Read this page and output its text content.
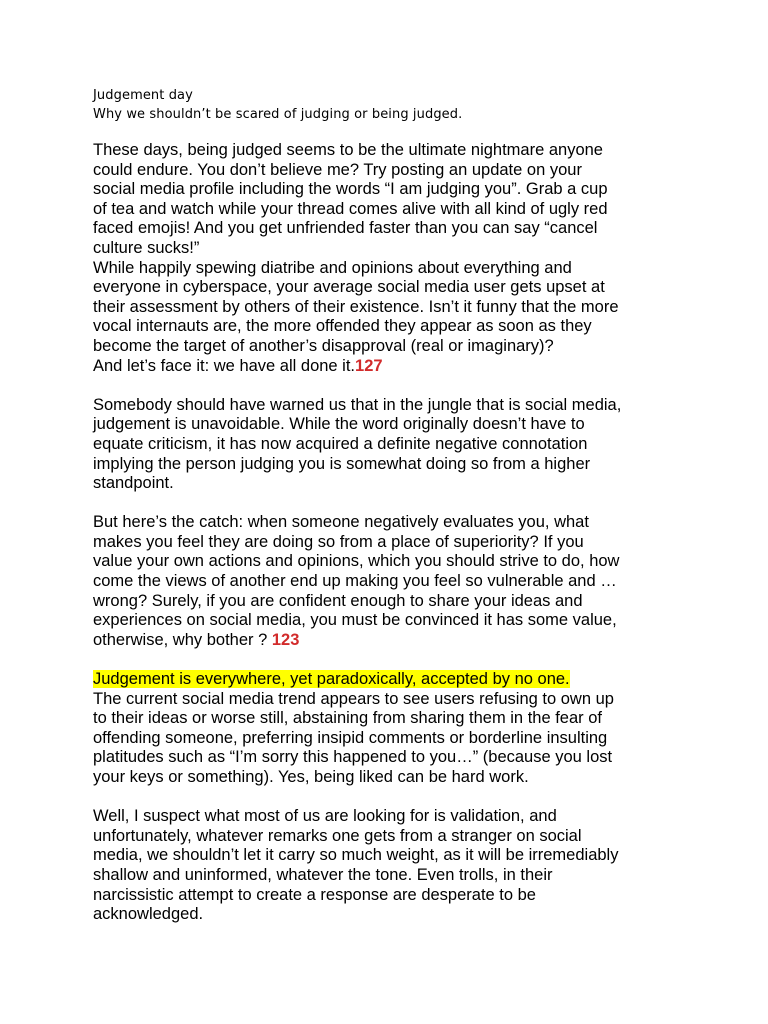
Judgement day
Why we shouldn’t be scared of judging or being judged.
These days, being judged seems to be the ultimate nightmare anyone
could endure. You don’t believe me? Try posting an update on your
social media profile including the words “I am judging you”. Grab a cup
of tea and watch while your thread comes alive with all kind of ugly red
faced emojis! And you get unfriended faster than you can say “cancel
culture sucks!”
While happily spewing diatribe and opinions about everything and
everyone in cyberspace, your average social media user gets upset at
their assessment by others of their existence. Isn’t it funny that the more
vocal internauts are, the more offended they appear as soon as they
become the target of another’s disapproval (real or imaginary)?
And let’s face it: we have all done it.127
Somebody should have warned us that in the jungle that is social media,
judgement is unavoidable. While the word originally doesn’t have to
equate criticism, it has now acquired a definite negative connotation
implying the person judging you is somewhat doing so from a higher
standpoint.
But here’s the catch: when someone negatively evaluates you, what
makes you feel they are doing so from a place of superiority? If you
value your own actions and opinions, which you should strive to do, how
come the views of another end up making you feel so vulnerable and …
wrong? Surely, if you are confident enough to share your ideas and
experiences on social media, you must be convinced it has some value,
otherwise, why bother ? 123
Judgement is everywhere, yet paradoxically, accepted by no one.
The current social media trend appears to see users refusing to own up
to their ideas or worse still, abstaining from sharing them in the fear of
offending someone, preferring insipid comments or borderline insulting
platitudes such as “I’m sorry this happened to you…” (because you lost
your keys or something). Yes, being liked can be hard work.
Well, I suspect what most of us are looking for is validation, and
unfortunately, whatever remarks one gets from a stranger on social
media, we shouldn’t let it carry so much weight, as it will be irremediably
shallow and uninformed, whatever the tone. Even trolls, in their
narcissistic attempt to create a response are desperate to be
acknowledged.
